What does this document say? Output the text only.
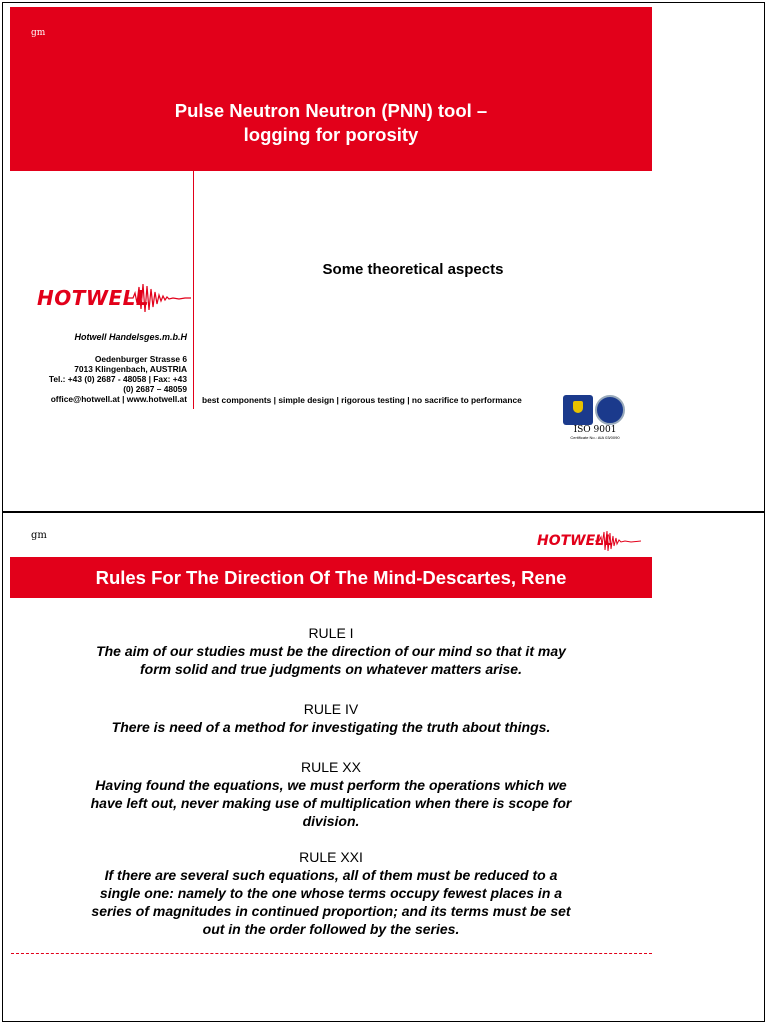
gm
Pulse Neutron Neutron (PNN) tool –
logging for porosity
Some theoretical aspects
HOTWELL
Hotwell Handelsges.m.b.H
Oedenburger Strasse 6
7013 Klingenbach, AUSTRIA
Tel.: +43 (0) 2687 - 48058 | Fax: +43
(0) 2687 – 48059
office@hotwell.at | www.hotwell.at best components | simple design | rigorous testing | no sacrifice to performance
ISO 9001
Certificate No.: AIA 03/0090
gm	HOTWELL
Rules For The Direction Of The Mind-Descartes, Rene
RULE I
The aim of our studies must be the direction of our mind so that it may
form solid and true judgments on whatever matters arise.
RULE IV
There is need of a method for investigating the truth about things.
RULE XX
Having found the equations, we must perform the operations which we
have left out, never making use of multiplication when there is scope for
division.
RULE XXI
If there are several such equations, all of them must be reduced to a
single one: namely to the one whose terms occupy fewest places in a
series of magnitudes in continued proportion; and its terms must be set
out in the order followed by the series.
